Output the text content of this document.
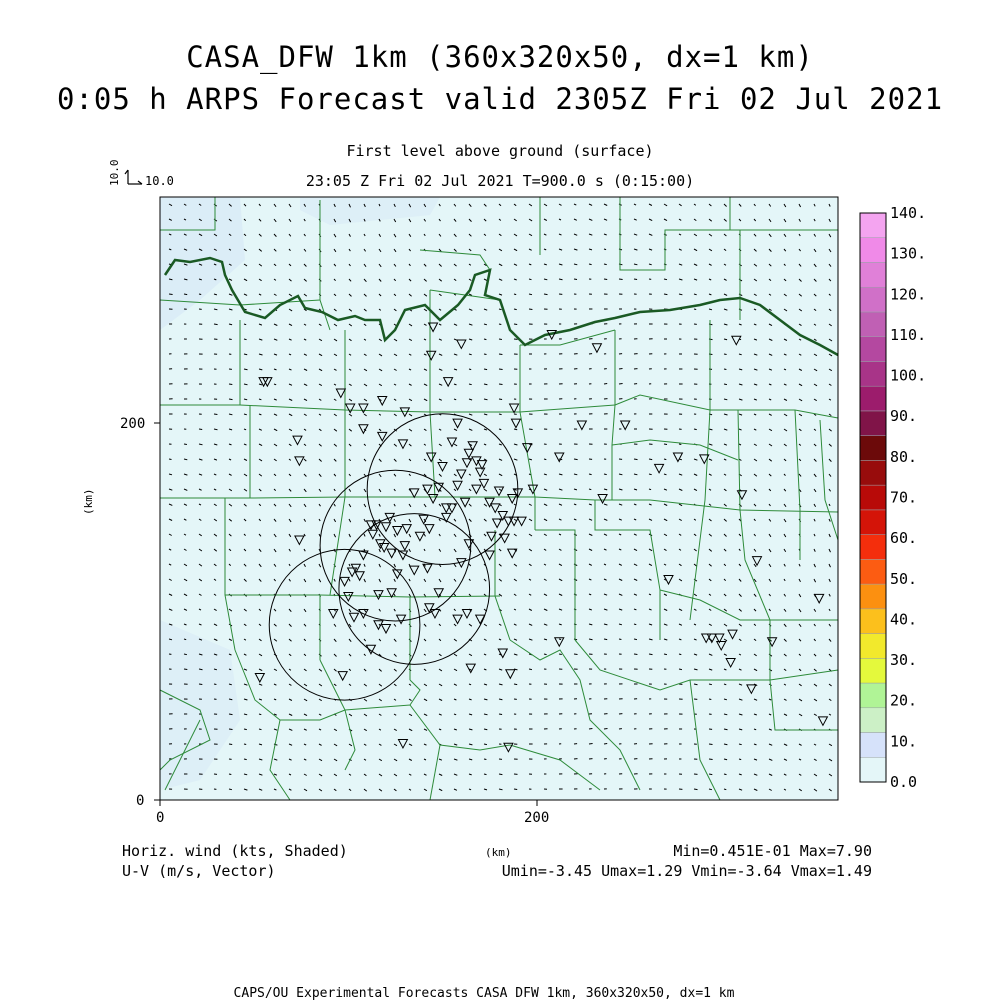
CASA_DFW 1km (360x320x50, dx=1 km)
0:05 h ARPS Forecast valid 2305Z Fri 02 Jul 2021
First level above ground (surface)
23:05 Z Fri 02 Jul 2021 T=900.0 s (0:15:00)
10.0 10.0
0
200
0	200
(km)
(km)
0.0
10.
20.
30.
40.
50.
60.
70.
80.
90.
100.
110.
120.
130.
140.
Horiz. wind (kts, Shaded)
U-V (m/s, Vector)
Min=0.451E-01 Max=7.90
Umin=-3.45 Umax=1.29 Vmin=-3.64 Vmax=1.49
CAPS/OU Experimental Forecasts CASA DFW 1km, 360x320x50, dx=1 km
